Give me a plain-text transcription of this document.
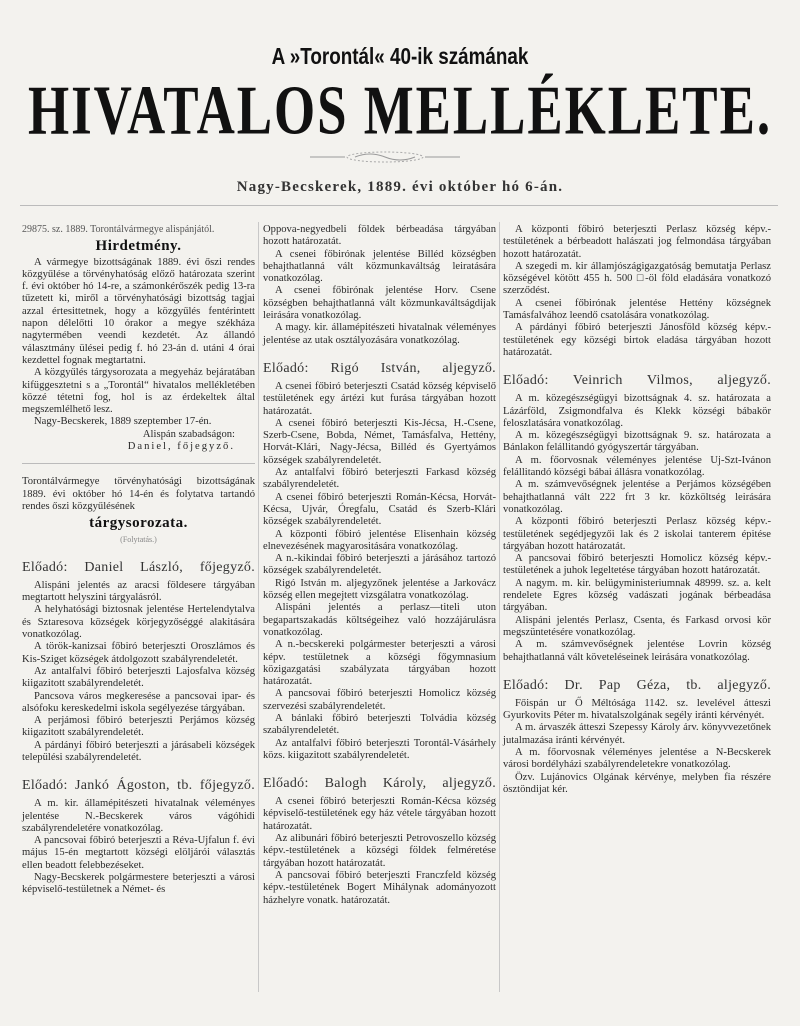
A »Torontál« 40-ik számának
HIVATALOS MELLÉKLETE.
Nagy-Becskerek, 1889. évi október hó 6-án.

29875. sz. 1889. Torontálvármegye alispánjától.

Hirdetmény.

A vármegye bizottságának 1889. évi őszi rendes közgyűlése a törvényhatóság előző határozata szerint f. évi október hó 14-re, a számonkérőszék pedig 13-ra tűzetett ki, miről a törvényhatósági bizottság tagjai azzal értesittetnek, hogy a közgyűlés fentérintett napon délelőtti 10 órakor a megye székháza nagytermében veendi kezdetét. Az állandó választmány ülései pedig f. hó 23-án d. utáni 4 órai kezdettel fognak megtartatni.

A közgyűlés tárgysorozata a megyeház bejáratában kifüggesztetni s a „Torontál“ hivatalos mellékletében közzé tétetni fog, hol is az érdekeltek által megszemlélhető lesz.

Nagy-Becskerek, 1889 szeptember 17-én.

Alispán szabadságon:

Daniel, főjegyző.

Torontálvármegye törvényhatósági bizottságának 1889. évi október hó 14-én és folytatva tartandó rendes őszi közgyűlésének

tárgysorozata.
(Folytatás.)
Előadó: Daniel László, főjegyző.

Alispáni jelentés az aracsi földesere tárgyában megtartott helyszini tárgyalásról.

A helyhatósági biztosnak jelentése Hertelendytalva és Sztaresova községek körjegyzőséggé alakitására vonatkozólag.

A török-kanizsai főbiró beterjeszti Oroszlámos és Kis-Sziget községek átdolgozott szabályrendeletét.

Az antalfalvi főbiró beterjeszti Lajosfalva község kiigazitott szabályrendeletét.

Pancsova város megkeresése a pancsovai ipar- és alsófoku kereskedelmi iskola segélyezése tárgyában.

A perjámosi főbiró beterjeszti Perjámos község kiigazitott szabályrendeletét.

A párdányi főbiró beterjeszti a járásabeli községek települési szabályrendeletét.

Előadó: Jankó Ágoston, tb. főjegyző.

A m. kir. államépitészeti hivatalnak véleményes jelentése N.-Becskerek város vágóhidi szabályrendeletére vonatkozólag.

A pancsovai főbiró beterjeszti a Réva-Ujfalun f. évi május 15-én megtartott községi elöljárói választás ellen beadott felebbezéseket.

Nagy-Becskerek polgármestere beterjeszti a városi képviselő-testületnek a Német- és

Oppova-negyedbeli földek bérbeadása tárgyában hozott határozatát.

A csenei főbirónak jelentése Billéd községben behajthatlanná vált közmunkaváltság leiratására vonatkozólag.

A csenei főbirónak jelentése Horv. Csene községben behajthatlanná vált közmunkaváltságdijak leirására vonatkozólag.

A magy. kir. államépitészeti hivatalnak véleményes jelentése az utak osztályozására vonatkozólag.

Előadó: Rigó István, aljegyző.

A csenei főbiró beterjeszti Csatád község képviselő testületének egy ártézi kut furása tárgyában hozott határozatát.

A csenei főbiró beterjeszti Kis-Jécsa, H.-Csene, Szerb-Csene, Bobda, Német, Tamásfalva, Hettény, Horvát-Klári, Nagy-Jécsa, Billéd és Gyertyámos községek szabályrendeletét.

Az antalfalvi főbiró beterjeszti Farkasd község szabályrendeletét.

A csenei főbiró beterjeszti Román-Kécsa, Horvát-Kécsa, Ujvár, Óregfalu, Csatád és Szerb-Klári községek szabályrendeletét.

A központi főbiró jelentése Elisenhain község elnevezésének magyarositására vonatkozólag.

A n.-kikindai főbiró beterjeszti a járásához tartozó községek szabályrendeletét.

Rigó István m. aljegyzőnek jelentése a Jarkovácz község ellen megejtett vizsgálatra vonatkozólag.

Alispáni jelentés a perlasz—titeli uton begapartszakadás költségeihez való hozzájárulásra vonatkozólag.

A n.-becskereki polgármester beterjeszti a városi képv. testületnek a községi főgymnasium közigazgatási szabályzata tárgyában hozott határozatát.

A pancsovai főbiró beterjeszti Homolicz község szervezési szabályrendeletét.

A bánlaki főbiró beterjeszti Tolvádia község szabályrendeletét.

Az antalfalvi főbiró beterjeszti Torontál-Vásárhely közs. kiigazitott szabályrendeletét.

Előadó: Balogh Károly, aljegyző.

A csenei főbiró beterjeszti Román-Kécsa község képviselő-testületének egy ház vétele tárgyában hozott határozatát.

Az alibunári főbiró beterjeszti Petrovoszello község képv.-testületének a községi földek felméretése tárgyában hozott határozatát.

A pancsovai főbiró beterjeszti Franczfeld község képv.-testületének Bogert Mihálynak adományozott házhelyre vonatk. határozatát.

A központi főbiró beterjeszti Perlasz község képv.-testületének a bérbeadott halászati jog felmondása tárgyában hozott határozatát.

A szegedi m. kir államjószágigazgatóság bemutatja Perlasz községével kötött 455 h. 500 □-öl föld eladására vonatkozó szerződést.

A csenei főbirónak jelentése Hettény községnek Tamásfalvához leendő csatolására vonatkozólag.

A párdányi főbiró beterjeszti Jánosföld község képv.-testületének egy községi birtok eladása tárgyában hozott határozatát.

Előadó: Veinrich Vilmos, aljegyző.

A m. közegészségügyi bizottságnak 4. sz. határozata a Lázárföld, Zsigmondfalva és Klekk községi bábakör feloszlatására vonatkozólag.

A m. közegészségügyi bizottságnak 9. sz. határozata a Bánlakon felállitandó gyógyszertár tárgyában.

A m. főorvosnak véleményes jelentése Uj-Szt-Ivánon felállitandó községi bábai állásra vonatkozólag.

A m. számvevőségnek jelentése a Perjámos községében behajthatlanná vált 222 frt 3 kr. közköltség leirására vonatkozólag.

A központi főbiró beterjeszti Perlasz község képv.-testületének segédjegyzői lak és 2 iskolai tanterem épitése tárgyában hozott határozatát.

A pancsovai főbiró beterjeszti Homolicz község képv.-testületének a juhok legeltetése tárgyában hozott határozatát.

A nagym. m. kir. belügyministeriumnak 48999. sz. a. kelt rendelete Egres község vadászati jogának bérbeadása tárgyában.

Alispáni jelentés Perlasz, Csenta, és Farkasd orvosi kör megszüntetésére vonatkozólag.

A m. számvevőségnek jelentése Lovrin község behajthatlanná vált követeléseinek leirására vonatkozólag.

Előadó: Dr. Pap Géza, tb. aljegyző.

Főispán ur Ő Méltósága 1142. sz. levelével átteszi Gyurkovits Péter m. hivatalszolgának segély iránti kérvényét.

A m. árvaszék átteszi Szepessy Károly árv. könyvvezetőnek jutalmazása iránti kérvényét.

A m. főorvosnak véleményes jelentése a N-Becskerek városi bordélyházi szabályrendeletekre vonatkozólag.

Özv. Lujánovics Olgának kérvénye, melyben fia részére ösztöndijat kér.
